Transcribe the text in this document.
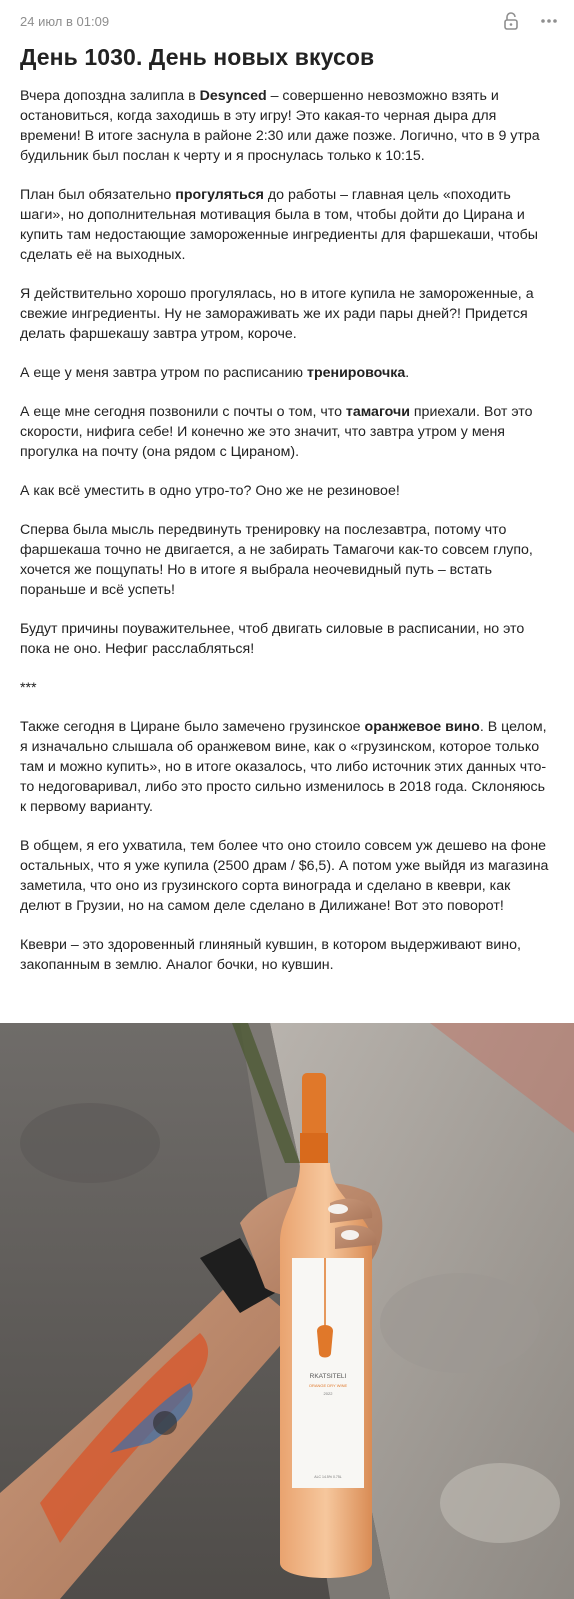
24 июл в 01:09
День 1030. День новых вкусов

Вчера допоздна залипла в Desynced – совершенно невозможно взять и остановиться, когда заходишь в эту игру! Это какая-то черная дыра для времени! В итоге заснула в районе 2:30 или даже позже. Логично, что в 9 утра будильник был послан к черту и я проснулась только к 10:15.

План был обязательно прогуляться до работы – главная цель «походить шаги», но дополнительная мотивация была в том, чтобы дойти до Цирана и купить там недостающие замороженные ингредиенты для фаршекаши, чтобы сделать её на выходных.

Я действительно хорошо прогулялась, но в итоге купила не замороженные, а свежие ингредиенты. Ну не замораживать же их ради пары дней?! Придется делать фаршекашу завтра утром, короче.

А еще у меня завтра утром по расписанию тренировочка.

А еще мне сегодня позвонили с почты о том, что тамагочи приехали. Вот это скорости, нифига себе! И конечно же это значит, что завтра утром у меня прогулка на почту (она рядом с Цираном).

А как всё уместить в одно утро-то? Оно же не резиновое!

Сперва была мысль передвинуть тренировку на послезавтра, потому что фаршекаша точно не двигается, а не забирать Тамагочи как-то совсем глупо, хочется же пощупать! Но в итоге я выбрала неочевидный путь – встать пораньше и всё успеть!

Будут причины поуважительнее, чтоб двигать силовые в расписании, но это пока не оно. Нефиг расслабляться!

***

Также сегодня в Циране было замечено грузинское оранжевое вино. В целом, я изначально слышала об оранжевом вине, как о «грузинском, которое только там и можно купить», но в итоге оказалось, что либо источник этих данных что-то недоговаривал, либо это просто сильно изменилось в 2018 года. Склоняюсь к первому варианту.

В общем, я его ухватила, тем более что оно стоило совсем уж дешево на фоне остальных, что я уже купила (2500 драм / $6,5). А потом уже выйдя из магазина заметила, что оно из грузинского сорта винограда и сделано в квеври, как делют в Грузии, но на самом деле сделано в Дилижане! Вот это поворот!

Квеври – это здоровенный глиняный кувшин, в котором выдерживают вино, закопанным в землю. Аналог бочки, но кувшин.

RKATSITELI
ORANGE DRY WINE
2022
ALC 14.5% 0.75L
